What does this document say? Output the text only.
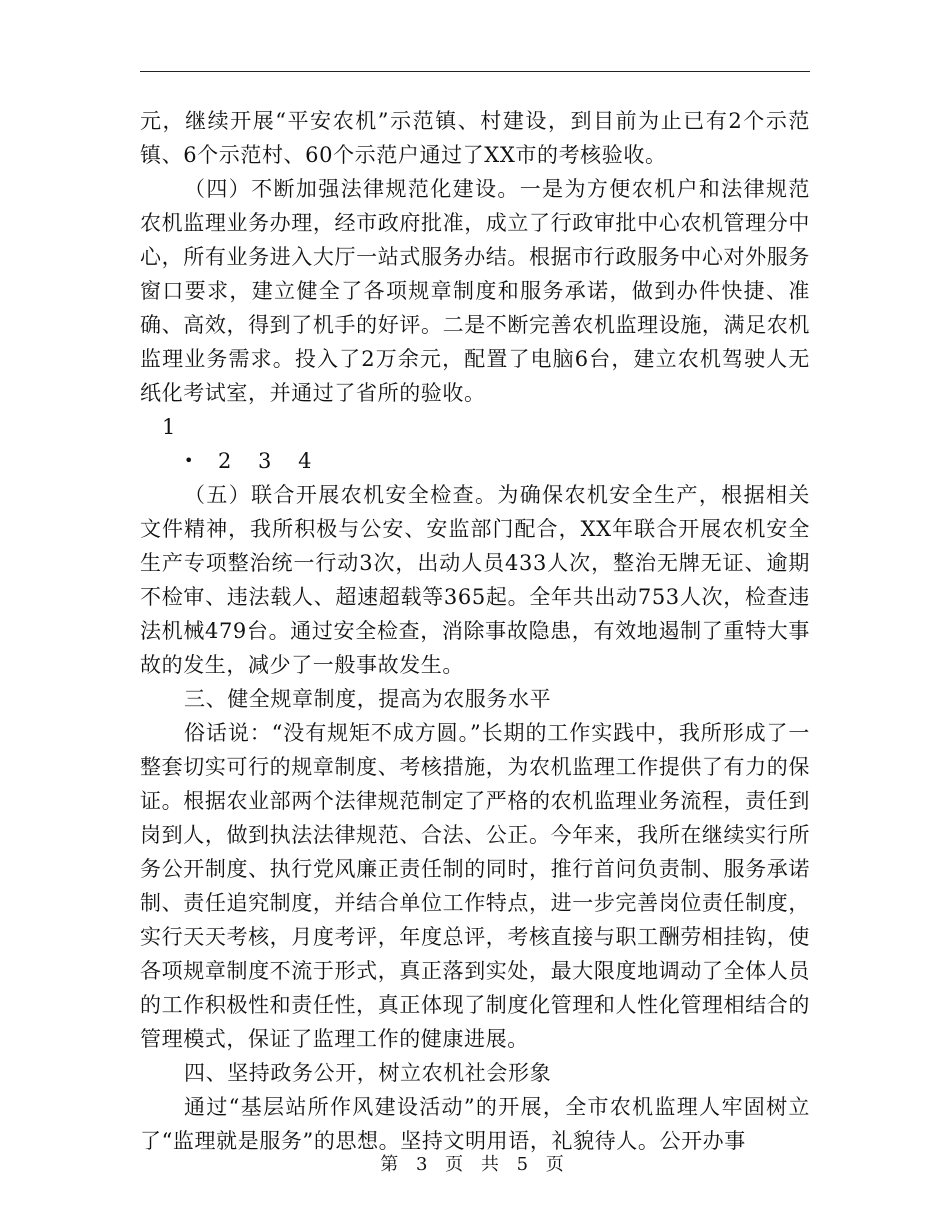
元，继续开展“平安农机”示范镇、村建设，到目前为止已有2个示范镇、6个示范村、60个示范户通过了XX市的考核验收。

（四）不断加强法律规范化建设。一是为方便农机户和法律规范农机监理业务办理，经市政府批准，成立了行政审批中心农机管理分中心，所有业务进入大厅一站式服务办结。根据市行政服务中心对外服务窗口要求，建立健全了各项规章制度和服务承诺，做到办件快捷、准确、高效，得到了机手的好评。二是不断完善农机监理设施，满足农机监理业务需求。投入了2万余元，配置了电脑6台，建立农机驾驶人无纸化考试室，并通过了省所的验收。

1

•	2 3 4

（五）联合开展农机安全检查。为确保农机安全生产，根据相关文件精神，我所积极与公安、安监部门配合，XX年联合开展农机安全生产专项整治统一行动3次，出动人员433人次，整治无牌无证、逾期不检审、违法载人、超速超载等365起。全年共出动753人次，检查违法机械479台。通过安全检查，消除事故隐患，有效地遏制了重特大事故的发生，减少了一般事故发生。

三、健全规章制度，提高为农服务水平

俗话说：“没有规矩不成方圆。”长期的工作实践中，我所形成了一整套切实可行的规章制度、考核措施，为农机监理工作提供了有力的保证。根据农业部两个法律规范制定了严格的农机监理业务流程，责任到岗到人，做到执法法律规范、合法、公正。今年来，我所在继续实行所务公开制度、执行党风廉正责任制的同时，推行首问负责制、服务承诺制、责任追究制度，并结合单位工作特点，进一步完善岗位责任制度，实行天天考核，月度考评，年度总评，考核直接与职工酬劳相挂钩，使各项规章制度不流于形式，真正落到实处，最大限度地调动了全体人员的工作积极性和责任性，真正体现了制度化管理和人性化管理相结合的管理模式，保证了监理工作的健康进展。

四、坚持政务公开，树立农机社会形象

通过“基层站所作风建设活动”的开展，全市农机监理人牢固树立了“监理就是服务”的思想。坚持文明用语，礼貌待人。公开办事

第 3 页 共 5 页
